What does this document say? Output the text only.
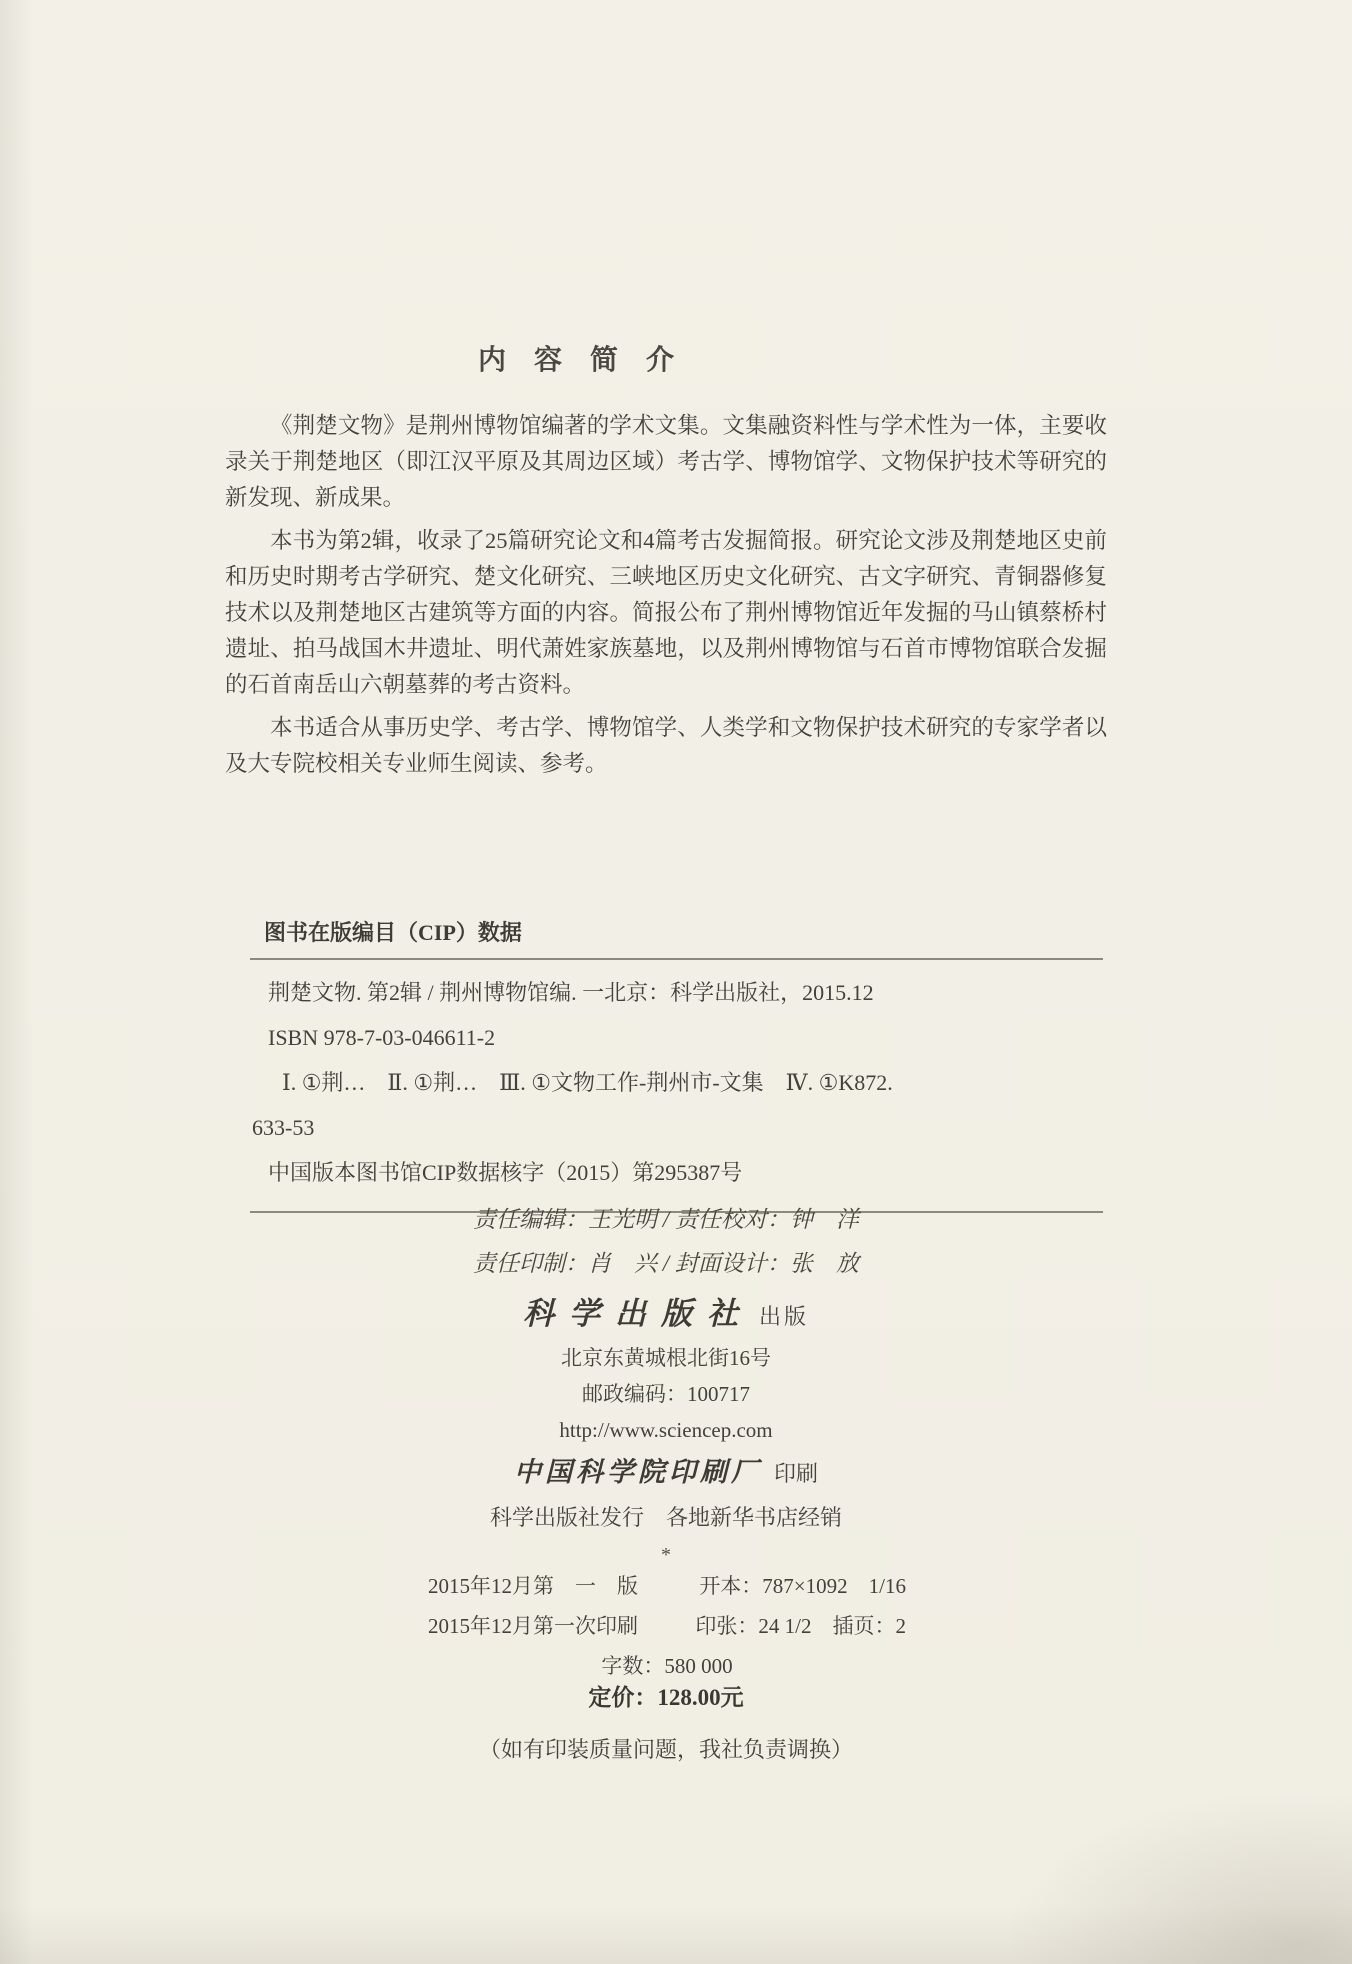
内　容　简　介

《荆楚文物》是荆州博物馆编著的学术文集。文集融资料性与学术性为一体，主要收录关于荆楚地区（即江汉平原及其周边区域）考古学、博物馆学、文物保护技术等研究的新发现、新成果。

本书为第2辑，收录了25篇研究论文和4篇考古发掘简报。研究论文涉及荆楚地区史前和历史时期考古学研究、楚文化研究、三峡地区历史文化研究、古文字研究、青铜器修复技术以及荆楚地区古建筑等方面的内容。简报公布了荆州博物馆近年发掘的马山镇蔡桥村遗址、拍马战国木井遗址、明代萧姓家族墓地，以及荆州博物馆与石首市博物馆联合发掘的石首南岳山六朝墓葬的考古资料。

本书适合从事历史学、考古学、博物馆学、人类学和文物保护技术研究的专家学者以及大专院校相关专业师生阅读、参考。

图书在版编目（CIP）数据
荆楚文物. 第2辑 / 荆州博物馆编. 一北京：科学出版社，2015.12
ISBN 978-7-03-046611-2
Ⅰ. ①荆…　Ⅱ. ①荆…　Ⅲ. ①文物工作-荆州市-文集　Ⅳ. ①K872.
633-53
中国版本图书馆CIP数据核字（2015）第295387号
责任编辑：王光明 / 责任校对：钟　洋
责任印制：肖　兴 / 封面设计：张　放
科学出版社 出版
北京东黄城根北街16号
邮政编码：100717
http://www.sciencep.com
中国科学院印刷厂 印刷
科学出版社发行　各地新华书店经销
*
2015年12月第　一　版	开本：787×1092　1/16
2015年12月第一次印刷	印张：24 1/2　插页：2
字数：580 000
定价：128.00元
（如有印装质量问题，我社负责调换）
